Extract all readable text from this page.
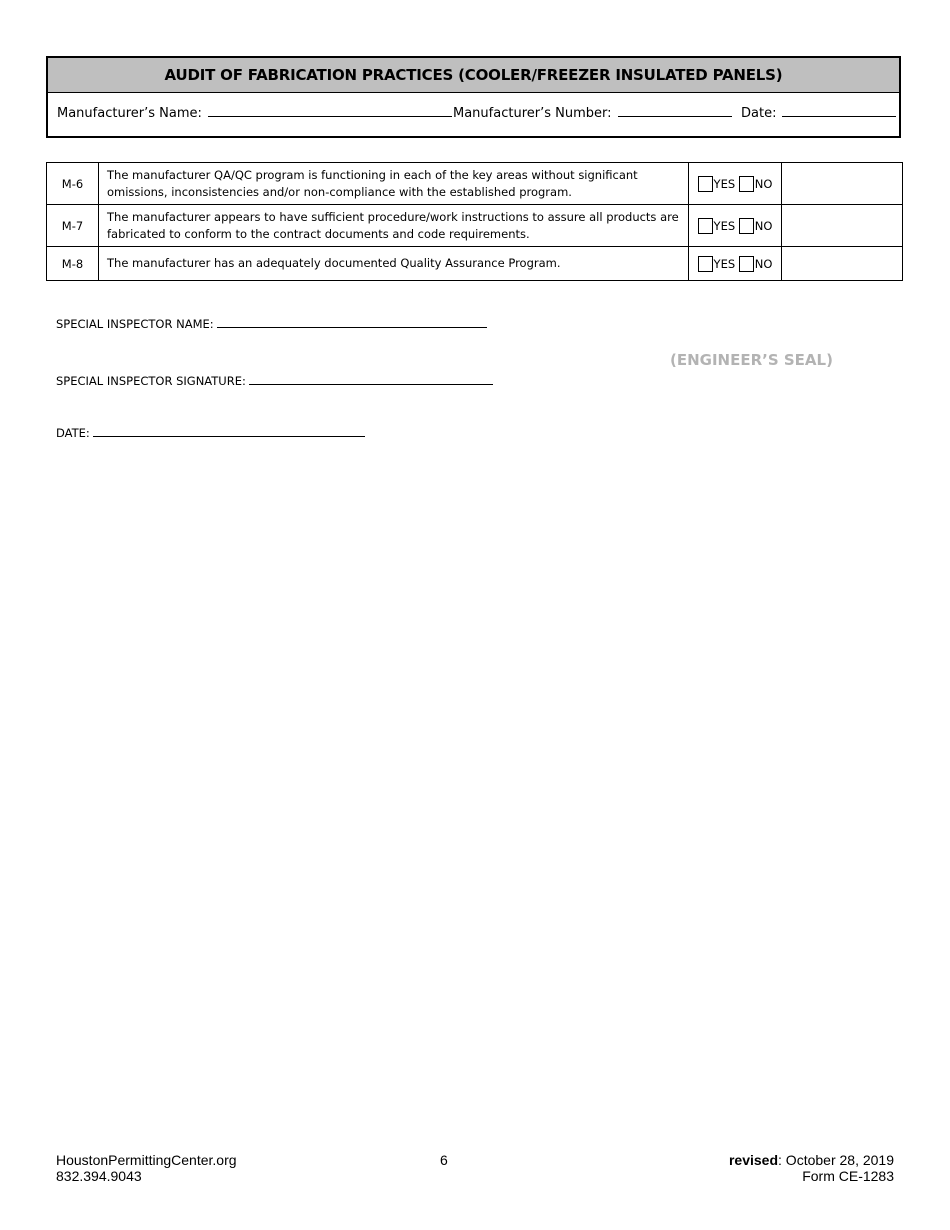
AUDIT OF FABRICATION PRACTICES (COOLER/FREEZER INSULATED PANELS)
Manufacturer’s Name:	Manufacturer’s Number:	Date:
M-6	The manufacturer QA/QC program is functioning in each of the key areas without significant omissions, inconsistencies and/or non-compliance with the established program.	YES NO	
M-7	The manufacturer appears to have sufficient procedure/work instructions to assure all products are fabricated to conform to the contract documents and code requirements.	YES NO	
M-8	The manufacturer has an adequately documented Quality Assurance Program.	YES NO	
SPECIAL INSPECTOR NAME:
(ENGINEER’S SEAL)
SPECIAL INSPECTOR SIGNATURE:
DATE:
HoustonPermittingCenter.org
832.394.9043
6	revised: October 28, 2019
Form CE-1283
